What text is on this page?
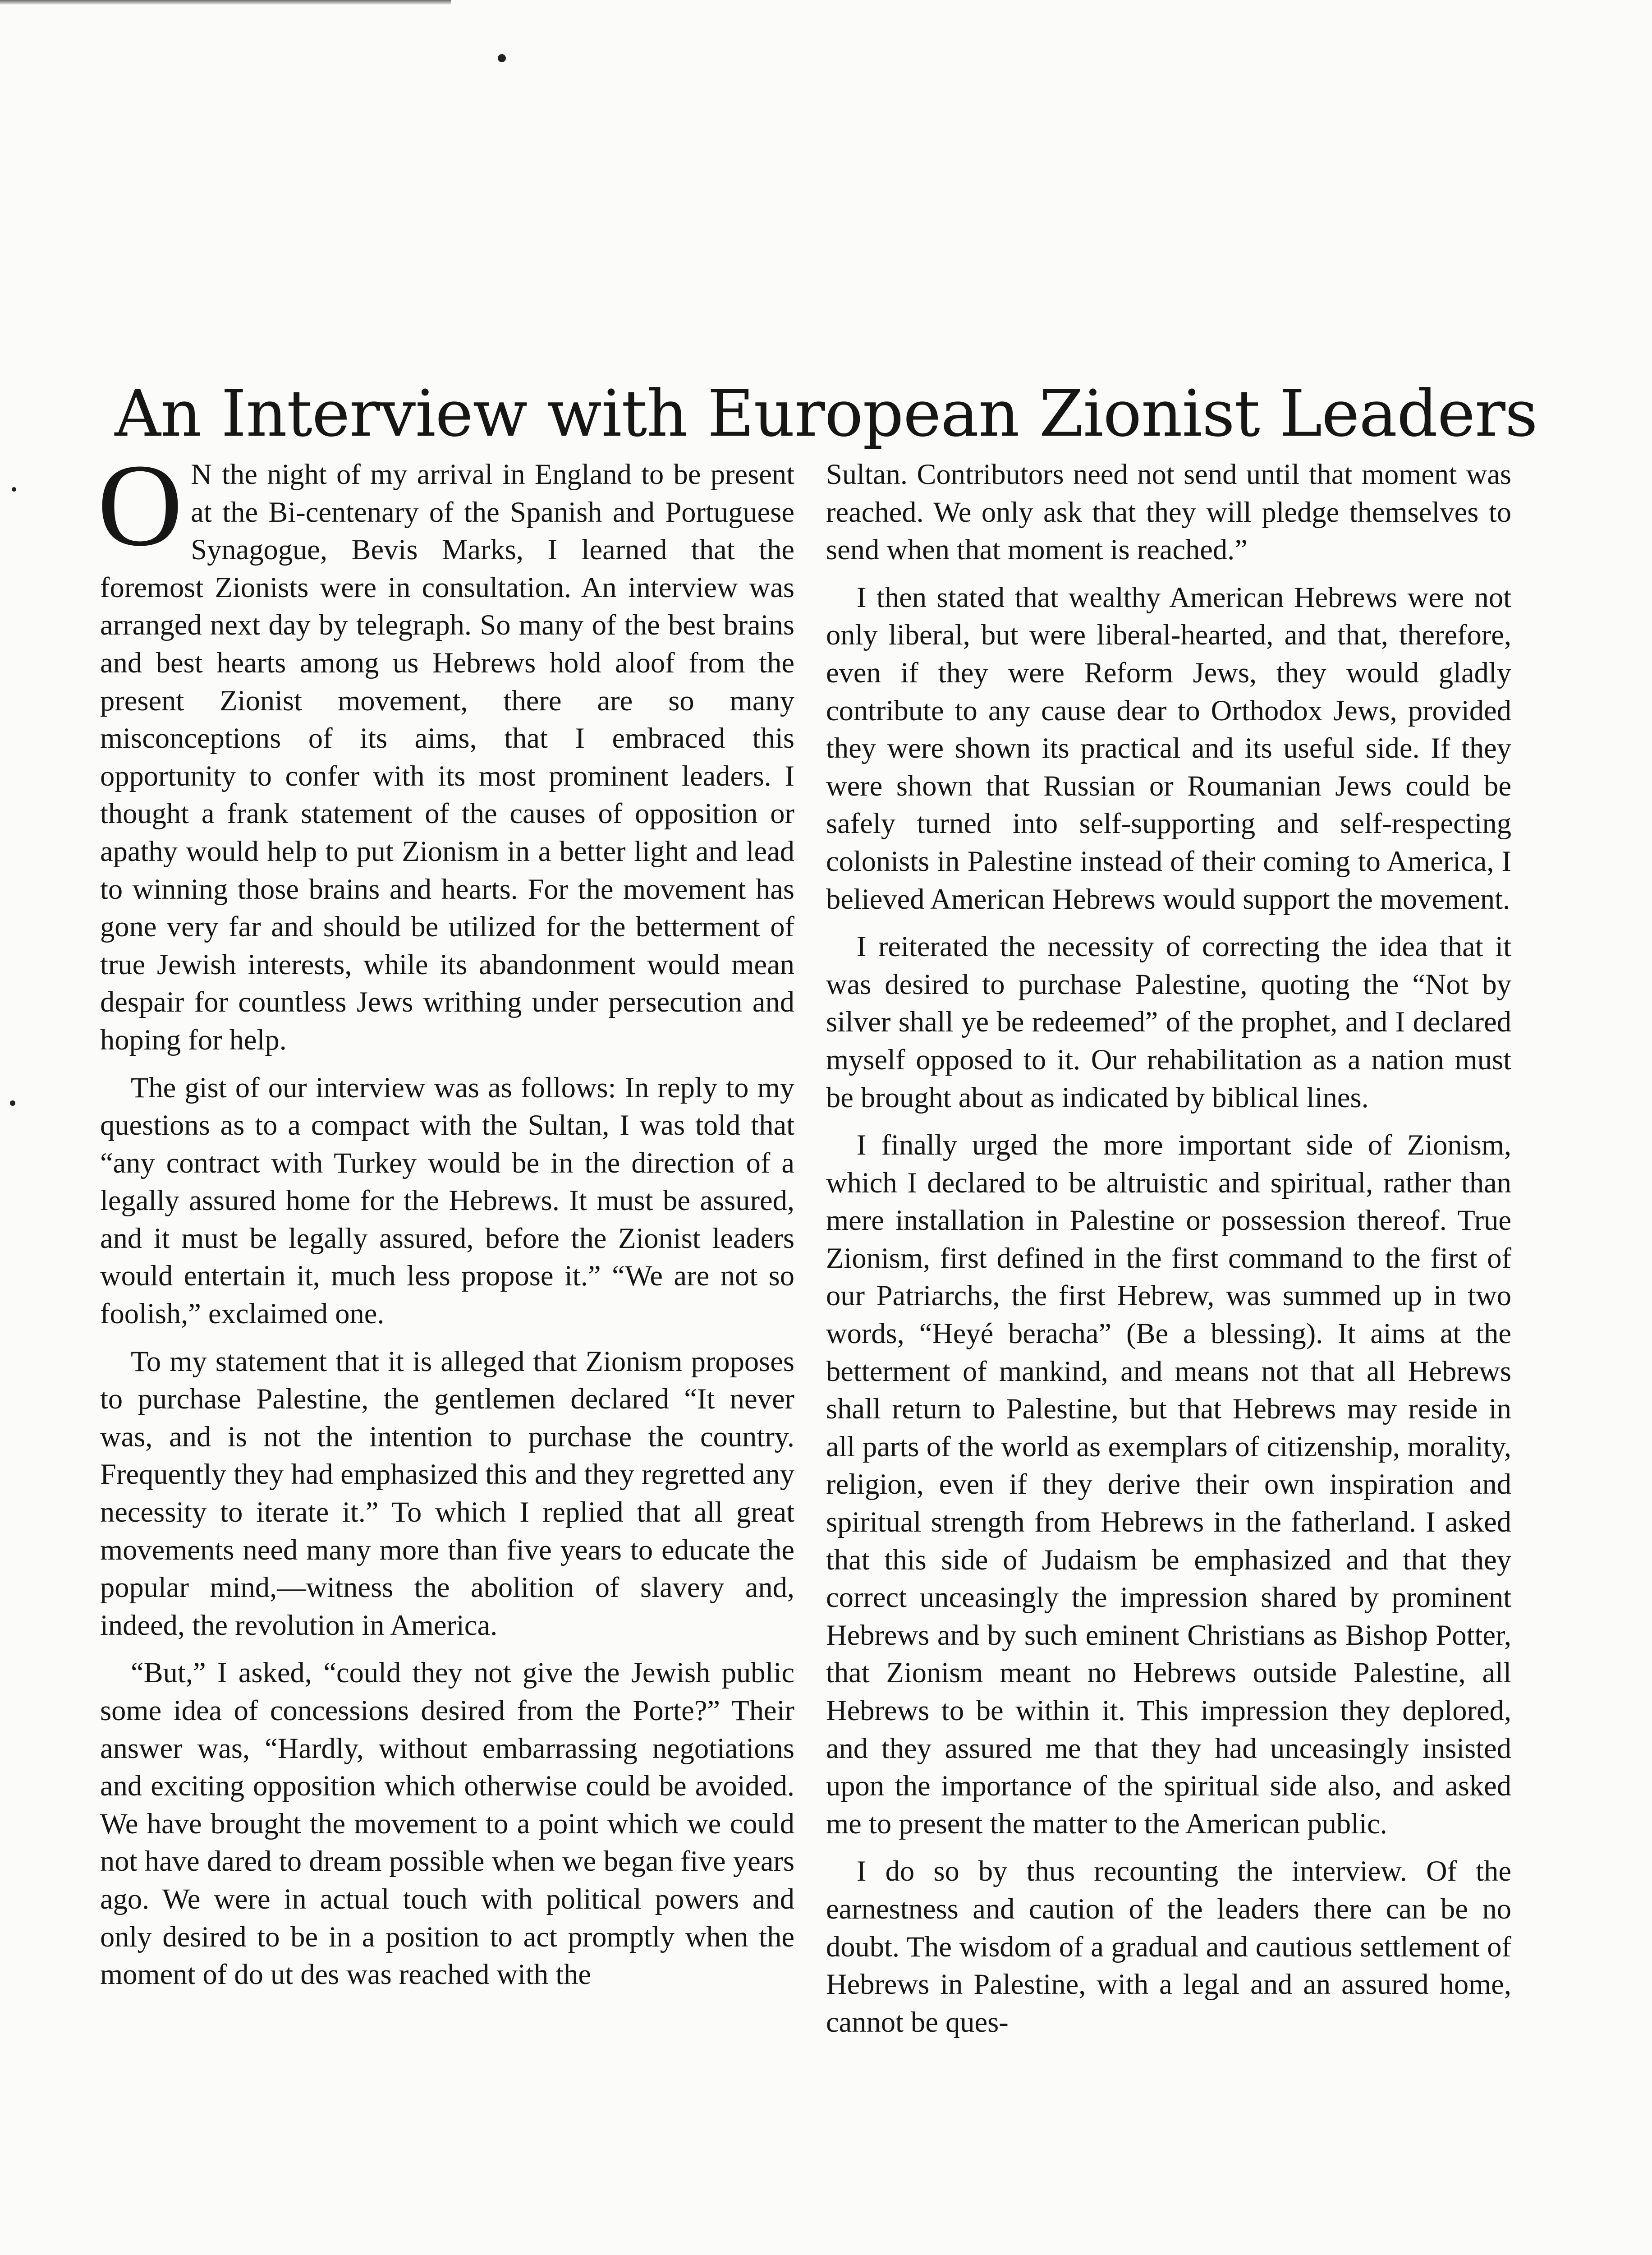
An Interview with European Zionist Leaders

O N the night of my arrival in England to be present at the Bi-centenary of the Spanish and Portuguese Synagogue, Bevis Marks, I learned that the foremost Zionists were in consultation. An interview was arranged next day by telegraph. So many of the best brains and best hearts among us Hebrews hold aloof from the present Zionist movement, there are so many misconceptions of its aims, that I embraced this opportunity to confer with its most prominent leaders. I thought a frank statement of the causes of opposition or apathy would help to put Zionism in a better light and lead to winning those brains and hearts. For the movement has gone very far and should be utilized for the betterment of true Jewish interests, while its abandonment would mean despair for countless Jews writhing under persecution and hoping for help.

The gist of our interview was as follows: In reply to my questions as to a compact with the Sultan, I was told that “any contract with Turkey would be in the direction of a legally assured home for the Hebrews. It must be assured, and it must be legally assured, before the Zionist leaders would entertain it, much less propose it.” “We are not so foolish,” exclaimed one.

To my statement that it is alleged that Zionism proposes to purchase Palestine, the gentlemen declared “It never was, and is not the intention to purchase the country. Frequently they had emphasized this and they regretted any necessity to iterate it.” To which I replied that all great movements need many more than five years to educate the popular mind,—witness the abolition of slavery and, indeed, the revolution in America.

“But,” I asked, “could they not give the Jewish public some idea of concessions desired from the Porte?” Their answer was, “Hardly, without embarrassing negotiations and exciting opposition which otherwise could be avoided. We have brought the movement to a point which we could not have dared to dream possible when we began five years ago. We were in actual touch with political powers and only desired to be in a position to act promptly when the moment of do ut des was reached with the

Sultan. Contributors need not send until that moment was reached. We only ask that they will pledge themselves to send when that moment is reached.”

I then stated that wealthy American Hebrews were not only liberal, but were liberal-hearted, and that, therefore, even if they were Reform Jews, they would gladly contribute to any cause dear to Orthodox Jews, provided they were shown its practical and its useful side. If they were shown that Russian or Roumanian Jews could be safely turned into self-supporting and self-respecting colonists in Palestine instead of their coming to America, I believed American Hebrews would support the movement.

I reiterated the necessity of correcting the idea that it was desired to purchase Palestine, quoting the “Not by silver shall ye be redeemed” of the prophet, and I declared myself opposed to it. Our rehabilitation as a nation must be brought about as indicated by biblical lines.

I finally urged the more important side of Zionism, which I declared to be altruistic and spiritual, rather than mere installation in Palestine or possession thereof. True Zionism, first defined in the first command to the first of our Patriarchs, the first Hebrew, was summed up in two words, “Heyé beracha” (Be a blessing). It aims at the betterment of mankind, and means not that all Hebrews shall return to Palestine, but that Hebrews may reside in all parts of the world as exemplars of citizenship, morality, religion, even if they derive their own inspiration and spiritual strength from Hebrews in the fatherland. I asked that this side of Judaism be emphasized and that they correct unceasingly the impression shared by prominent Hebrews and by such eminent Christians as Bishop Potter, that Zionism meant no Hebrews outside Palestine, all Hebrews to be within it. This impression they deplored, and they assured me that they had unceasingly insisted upon the importance of the spiritual side also, and asked me to present the matter to the American public.

I do so by thus recounting the interview. Of the earnestness and caution of the leaders there can be no doubt. The wisdom of a gradual and cautious settlement of Hebrews in Palestine, with a legal and an assured home, cannot be ques-
